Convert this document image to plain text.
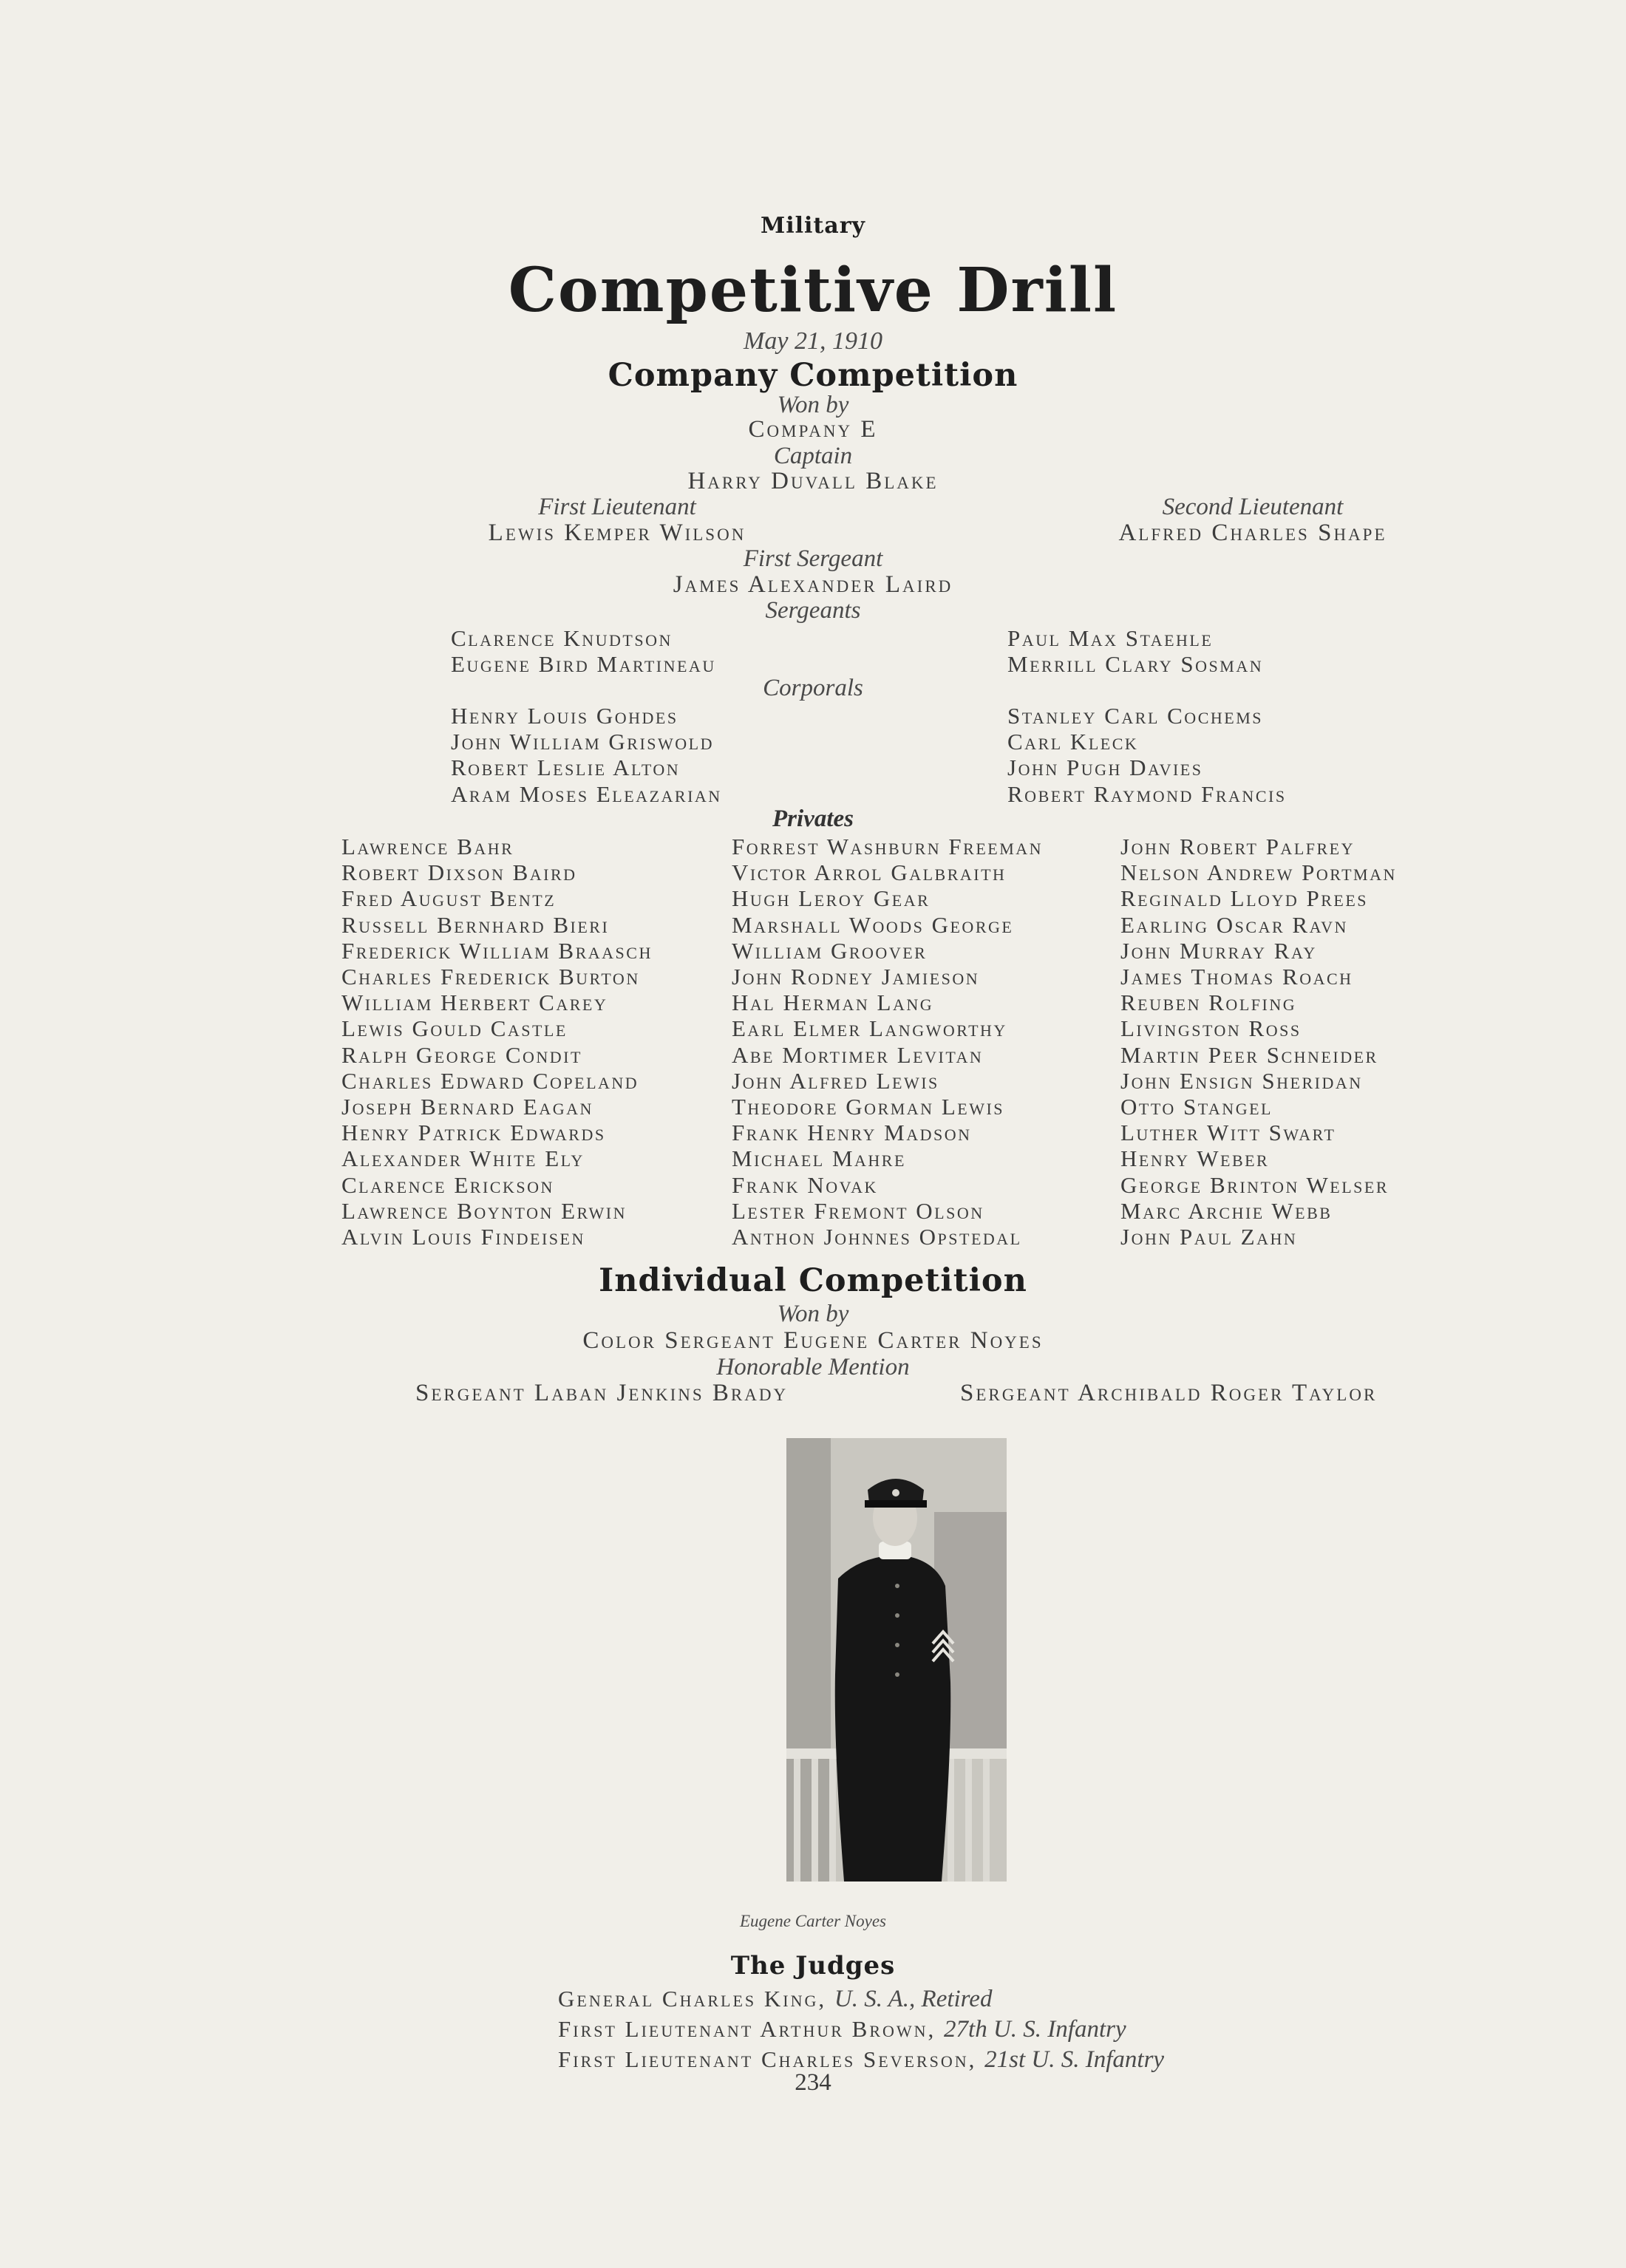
Military
Competitive Drill
May 21, 1910
Company Competition
Won by
Company E
Captain
Harry Duvall Blake
First Lieutenant
Lewis Kemper Wilson
Second Lieutenant
Alfred Charles Shape
First Sergeant
James Alexander Laird
Sergeants
Clarence Knudtson
Eugene Bird Martineau
Paul Max Staehle
Merrill Clary Sosman
Corporals
Henry Louis Gohdes
John William Griswold
Robert Leslie Alton
Aram Moses Eleazarian
Stanley Carl Cochems
Carl Kleck
John Pugh Davies
Robert Raymond Francis
Privates
Lawrence Bahr
Robert Dixson Baird
Fred August Bentz
Russell Bernhard Bieri
Frederick William Braasch
Charles Frederick Burton
William Herbert Carey
Lewis Gould Castle
Ralph George Condit
Charles Edward Copeland
Joseph Bernard Eagan
Henry Patrick Edwards
Alexander White Ely
Clarence Erickson
Lawrence Boynton Erwin
Alvin Louis Findeisen
Forrest Washburn Freeman
Victor Arrol Galbraith
Hugh Leroy Gear
Marshall Woods George
William Groover
John Rodney Jamieson
Hal Herman Lang
Earl Elmer Langworthy
Abe Mortimer Levitan
John Alfred Lewis
Theodore Gorman Lewis
Frank Henry Madson
Michael Mahre
Frank Novak
Lester Fremont Olson
Anthon Johnnes Opstedal
John Robert Palfrey
Nelson Andrew Portman
Reginald Lloyd Prees
Earling Oscar Ravn
John Murray Ray
James Thomas Roach
Reuben Rolfing
Livingston Ross
Martin Peer Schneider
John Ensign Sheridan
Otto Stangel
Luther Witt Swart
Henry Weber
George Brinton Welser
Marc Archie Webb
John Paul Zahn
Individual Competition
Won by
Color Sergeant Eugene Carter Noyes
Honorable Mention
Sergeant Laban Jenkins Brady	Sergeant Archibald Roger Taylor
Eugene Carter Noyes
The Judges
General Charles King, U. S. A., Retired
First Lieutenant Arthur Brown, 27th U. S. Infantry
First Lieutenant Charles Severson, 21st U. S. Infantry
234
